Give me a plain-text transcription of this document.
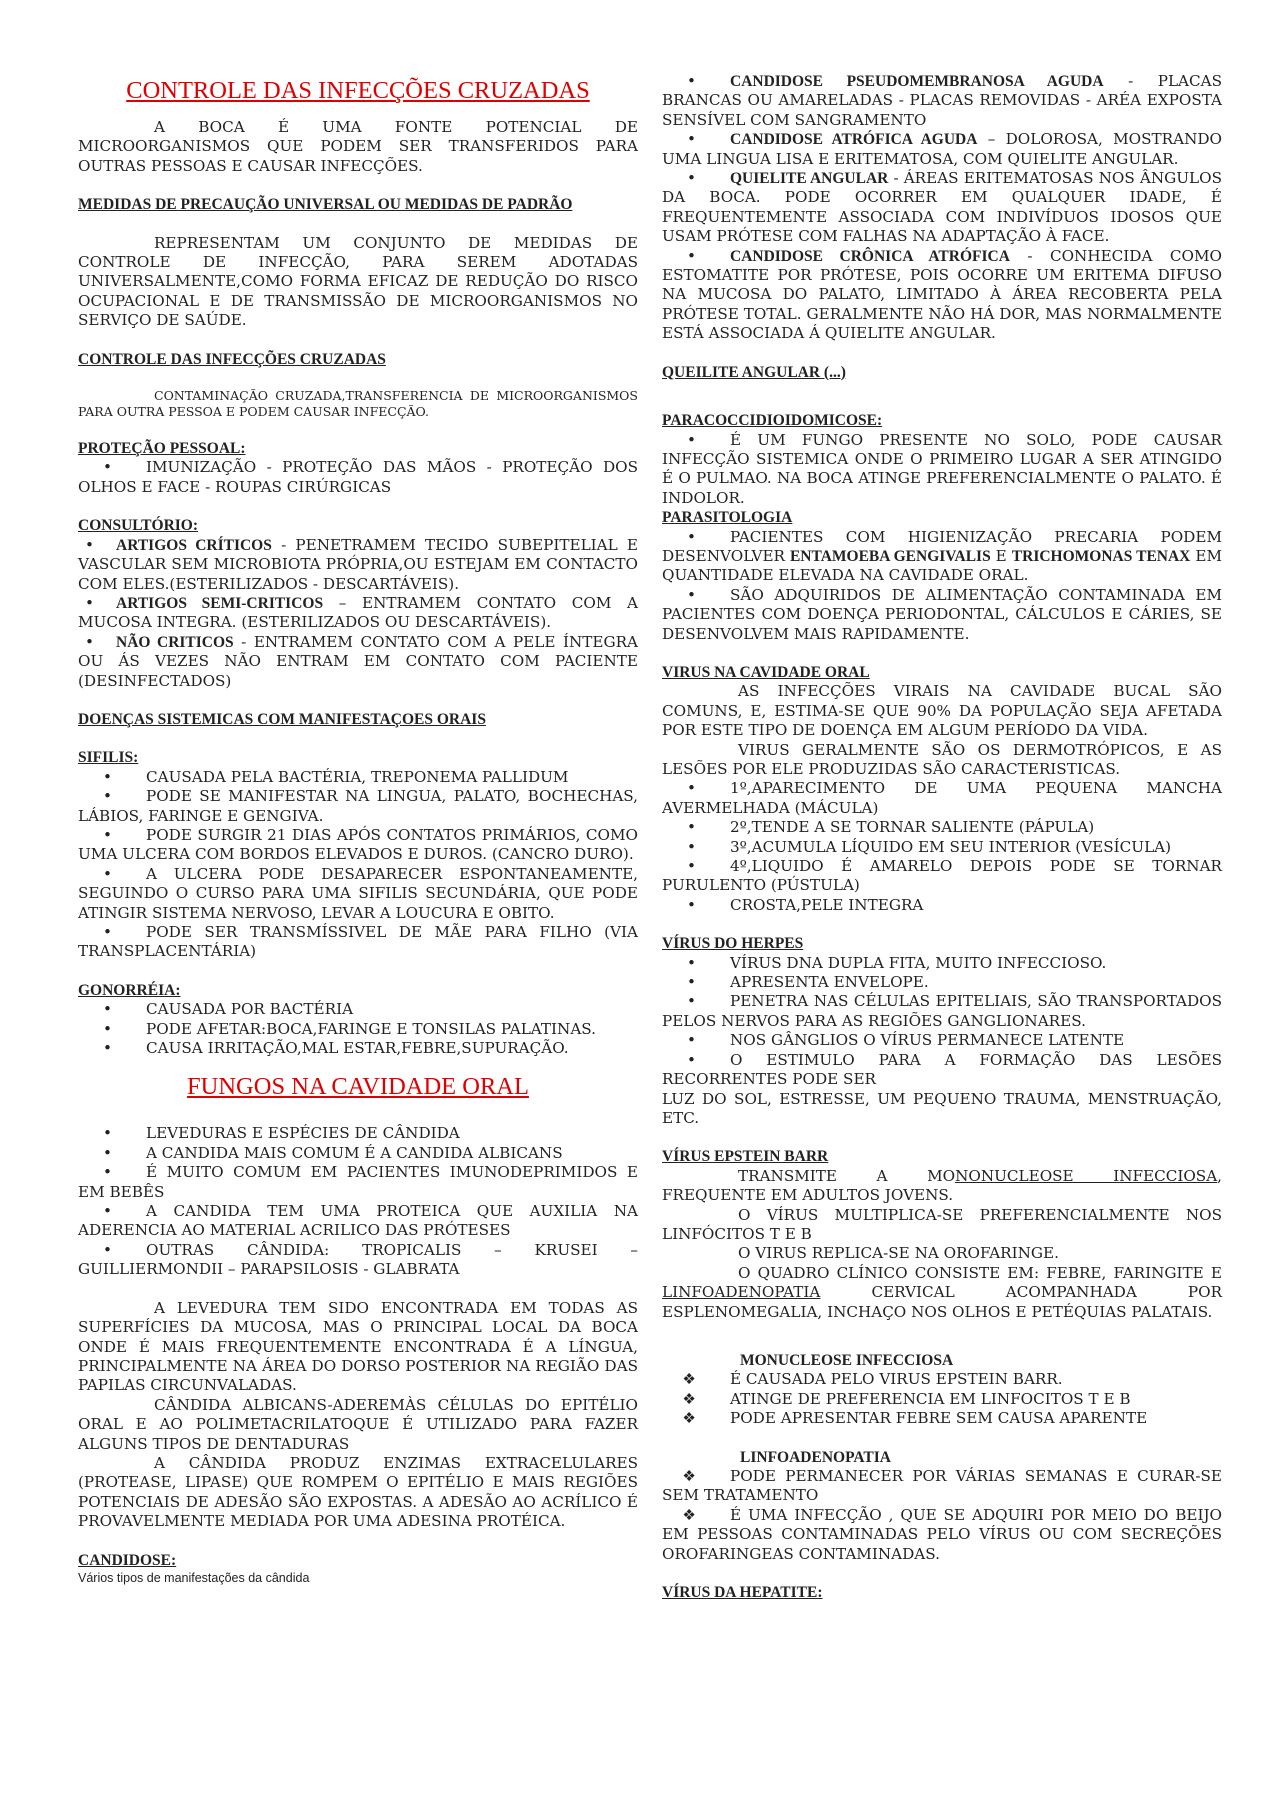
CONTROLE DAS INFECÇÕES CRUZADAS

A BOCA É UMA FONTE POTENCIAL DE MICROORGANISMOS QUE PODEM SER TRANSFERIDOS PARA OUTRAS PESSOAS E CAUSAR INFECÇÕES.

MEDIDAS DE PRECAUÇÃO UNIVERSAL OU MEDIDAS DE PADRÃO

REPRESENTAM UM CONJUNTO DE MEDIDAS DE CONTROLE DE INFECÇÃO, PARA SEREM ADOTADAS UNIVERSALMENTE,COMO FORMA EFICAZ DE REDUÇÃO DO RISCO OCUPACIONAL E DE TRANSMISSÃO DE MICROORGANISMOS NO SERVIÇO DE SAÚDE.

CONTROLE DAS INFECÇÕES CRUZADAS

CONTAMINAÇÃO CRUZADA,TRANSFERENCIA DE MICROORGANISMOS PARA OUTRA PESSOA E PODEM CAUSAR INFECÇÃO.

PROTEÇÃO PESSOAL:

•IMUNIZAÇÃO - PROTEÇÃO DAS MÃOS - PROTEÇÃO DOS OLHOS E FACE - ROUPAS CIRÚRGICAS

CONSULTÓRIO:

•ARTIGOS CRÍTICOS - PENETRAMEM TECIDO SUBEPITELIAL E VASCULAR SEM MICROBIOTA PRÓPRIA,OU ESTEJAM EM CONTACTO COM ELES.(ESTERILIZADOS - DESCARTÁVEIS).

•ARTIGOS SEMI-CRITICOS – ENTRAMEM CONTATO COM A MUCOSA INTEGRA. (ESTERILIZADOS OU DESCARTÁVEIS).

•NÃO CRITICOS - ENTRAMEM CONTATO COM A PELE ÍNTEGRA OU ÁS VEZES NÃO ENTRAM EM CONTATO COM PACIENTE (DESINFECTADOS)

DOENÇAS SISTEMICAS COM MANIFESTAÇOES ORAIS

SIFILIS:

•CAUSADA PELA BACTÉRIA, TREPONEMA PALLIDUM

•PODE SE MANIFESTAR NA LINGUA, PALATO, BOCHECHAS, LÁBIOS, FARINGE E GENGIVA.

•PODE SURGIR 21 DIAS APÓS CONTATOS PRIMÁRIOS, COMO UMA ULCERA COM BORDOS ELEVADOS E DUROS. (CANCRO DURO).

•A ULCERA PODE DESAPARECER ESPONTANEAMENTE, SEGUINDO O CURSO PARA UMA SIFILIS SECUNDÁRIA, QUE PODE ATINGIR SISTEMA NERVOSO, LEVAR A LOUCURA E OBITO.

•PODE SER TRANSMÍSSIVEL DE MÃE PARA FILHO (VIA TRANSPLACENTÁRIA)

GONORRÉIA:

•CAUSADA POR BACTÉRIA

•PODE AFETAR:BOCA,FARINGE E TONSILAS PALATINAS.

•CAUSA IRRITAÇÃO,MAL ESTAR,FEBRE,SUPURAÇÃO.

FUNGOS NA CAVIDADE ORAL

•LEVEDURAS E ESPÉCIES DE CÂNDIDA

•A CANDIDA MAIS COMUM É A CANDIDA ALBICANS

•É MUITO COMUM EM PACIENTES IMUNODEPRIMIDOS E EM BEBÊS

•A CANDIDA TEM UMA PROTEICA QUE AUXILIA NA ADERENCIA AO MATERIAL ACRILICO DAS PRÓTESES

•OUTRAS CÂNDIDA: TROPICALIS – KRUSEI – GUILLIERMONDII – PARAPSILOSIS - GLABRATA

A LEVEDURA TEM SIDO ENCONTRADA EM TODAS AS SUPERFÍCIES DA MUCOSA, MAS O PRINCIPAL LOCAL DA BOCA ONDE É MAIS FREQUENTEMENTE ENCONTRADA É A LÍNGUA, PRINCIPALMENTE NA ÁREA DO DORSO POSTERIOR NA REGIÃO DAS PAPILAS CIRCUNVALADAS.

CÂNDIDA ALBICANS-ADEREMÀS CÉLULAS DO EPITÉLIO ORAL E AO POLIMETACRILATOQUE É UTILIZADO PARA FAZER ALGUNS TIPOS DE DENTADURAS

A CÂNDIDA PRODUZ ENZIMAS EXTRACELULARES (PROTEASE, LIPASE) QUE ROMPEM O EPITÉLIO E MAIS REGIÕES POTENCIAIS DE ADESÃO SÃO EXPOSTAS. A ADESÃO AO ACRÍLICO É PROVAVELMENTE MEDIADA POR UMA ADESINA PROTÉICA.

CANDIDOSE:

Vários tipos de manifestações da cândida

•CANDIDOSE PSEUDOMEMBRANOSA AGUDA - PLACAS BRANCAS OU AMARELADAS - PLACAS REMOVIDAS - ARÉA EXPOSTA SENSÍVEL COM SANGRAMENTO

•CANDIDOSE ATRÓFICA AGUDA – DOLOROSA, MOSTRANDO UMA LINGUA LISA E ERITEMATOSA, COM QUIELITE ANGULAR.

•QUIELITE ANGULAR - ÁREAS ERITEMATOSAS NOS ÂNGULOS DA BOCA. PODE OCORRER EM QUALQUER IDADE, É FREQUENTEMENTE ASSOCIADA COM INDIVÍDUOS IDOSOS QUE USAM PRÓTESE COM FALHAS NA ADAPTAÇÃO À FACE.

•CANDIDOSE CRÔNICA ATRÓFICA - CONHECIDA COMO ESTOMATITE POR PRÓTESE, POIS OCORRE UM ERITEMA DIFUSO NA MUCOSA DO PALATO, LIMITADO À ÁREA RECOBERTA PELA PRÓTESE TOTAL. GERALMENTE NÃO HÁ DOR, MAS NORMALMENTE ESTÁ ASSOCIADA Á QUIELITE ANGULAR.

QUEILITE ANGULAR (...)

PARACOCCIDIOIDOMICOSE:

•É UM FUNGO PRESENTE NO SOLO, PODE CAUSAR INFECÇÃO SISTEMICA ONDE O PRIMEIRO LUGAR A SER ATINGIDO É O PULMAO. NA BOCA ATINGE PREFERENCIALMENTE O PALATO. É INDOLOR.

PARASITOLOGIA

•PACIENTES COM HIGIENIZAÇÃO PRECARIA PODEM DESENVOLVER ENTAMOEBA GENGIVALIS E TRICHOMONAS TENAX EM QUANTIDADE ELEVADA NA CAVIDADE ORAL.

•SÃO ADQUIRIDOS DE ALIMENTAÇÃO CONTAMINADA EM PACIENTES COM DOENÇA PERIODONTAL, CÁLCULOS E CÁRIES, SE DESENVOLVEM MAIS RAPIDAMENTE.

VIRUS NA CAVIDADE ORAL

AS INFECÇÕES VIRAIS NA CAVIDADE BUCAL SÃO COMUNS, E, ESTIMA-SE QUE 90% DA POPULAÇÃO SEJA AFETADA POR ESTE TIPO DE DOENÇA EM ALGUM PERÍODO DA VIDA.

VIRUS GERALMENTE SÃO OS DERMOTRÓPICOS, E AS LESÕES POR ELE PRODUZIDAS SÃO CARACTERISTICAS.

•1º,APARECIMENTO DE UMA PEQUENA MANCHA AVERMELHADA (MÁCULA)

•2º,TENDE A SE TORNAR SALIENTE (PÁPULA)

•3º,ACUMULA LÍQUIDO EM SEU INTERIOR (VESÍCULA)

•4º,LIQUIDO É AMARELO DEPOIS PODE SE TORNAR PURULENTO (PÚSTULA)

•CROSTA,PELE INTEGRA

VÍRUS DO HERPES

•VÍRUS DNA DUPLA FITA, MUITO INFECCIOSO.

•APRESENTA ENVELOPE.

•PENETRA NAS CÉLULAS EPITELIAIS, SÃO TRANSPORTADOS PELOS NERVOS PARA AS REGIÕES GANGLIONARES.

•NOS GÂNGLIOS O VÍRUS PERMANECE LATENTE

•O ESTIMULO PARA A FORMAÇÃO DAS LESÕES RECORRENTES PODE SER

LUZ DO SOL, ESTRESSE, UM PEQUENO TRAUMA, MENSTRUAÇÃO, ETC.

VÍRUS EPSTEIN BARR

TRANSMITE A MONONUCLEOSE INFECCIOSA, FREQUENTE EM ADULTOS JOVENS.

O VÍRUS MULTIPLICA-SE PREFERENCIALMENTE NOS LINFÓCITOS T E B

O VIRUS REPLICA-SE NA OROFARINGE.

O QUADRO CLÍNICO CONSISTE EM: FEBRE, FARINGITE E LINFOADENOPATIA CERVICAL ACOMPANHADA POR ESPLENOMEGALIA, INCHAÇO NOS OLHOS E PETÉQUIAS PALATAIS.

MONUCLEOSE INFECCIOSA

❖É CAUSADA PELO VIRUS EPSTEIN BARR.

❖ATINGE DE PREFERENCIA EM LINFOCITOS T E B

❖PODE APRESENTAR FEBRE SEM CAUSA APARENTE

LINFOADENOPATIA

❖PODE PERMANECER POR VÁRIAS SEMANAS E CURAR-SE SEM TRATAMENTO

❖É UMA INFECÇÃO , QUE SE ADQUIRI POR MEIO DO BEIJO EM PESSOAS CONTAMINADAS PELO VÍRUS OU COM SECREÇÕES OROFARINGEAS CONTAMINADAS.

VÍRUS DA HEPATITE:
